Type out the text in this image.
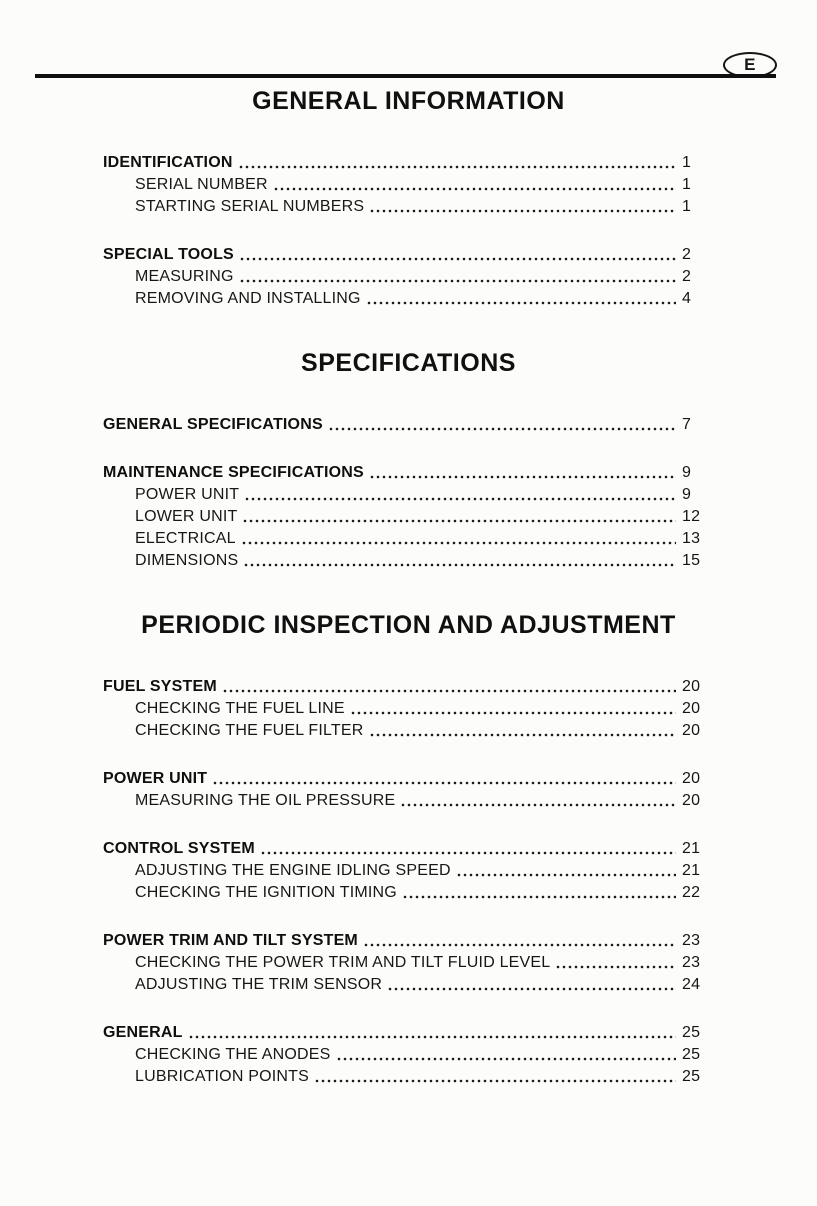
E
GENERAL INFORMATION
IDENTIFICATION	1
SERIAL NUMBER	1
STARTING SERIAL NUMBERS	1
SPECIAL TOOLS	2
MEASURING	2
REMOVING AND INSTALLING	4
SPECIFICATIONS
GENERAL SPECIFICATIONS	7
MAINTENANCE SPECIFICATIONS	9
POWER UNIT	9
LOWER UNIT	12
ELECTRICAL	13
DIMENSIONS	15
PERIODIC INSPECTION AND ADJUSTMENT
FUEL SYSTEM	20
CHECKING THE FUEL LINE	20
CHECKING THE FUEL FILTER	20
POWER UNIT	20
MEASURING THE OIL PRESSURE	20
CONTROL SYSTEM	21
ADJUSTING THE ENGINE IDLING SPEED	21
CHECKING THE IGNITION TIMING	22
POWER TRIM AND TILT SYSTEM	23
CHECKING THE POWER TRIM AND TILT FLUID LEVEL	23
ADJUSTING THE TRIM SENSOR	24
GENERAL	25
CHECKING THE ANODES	25
LUBRICATION POINTS	25
